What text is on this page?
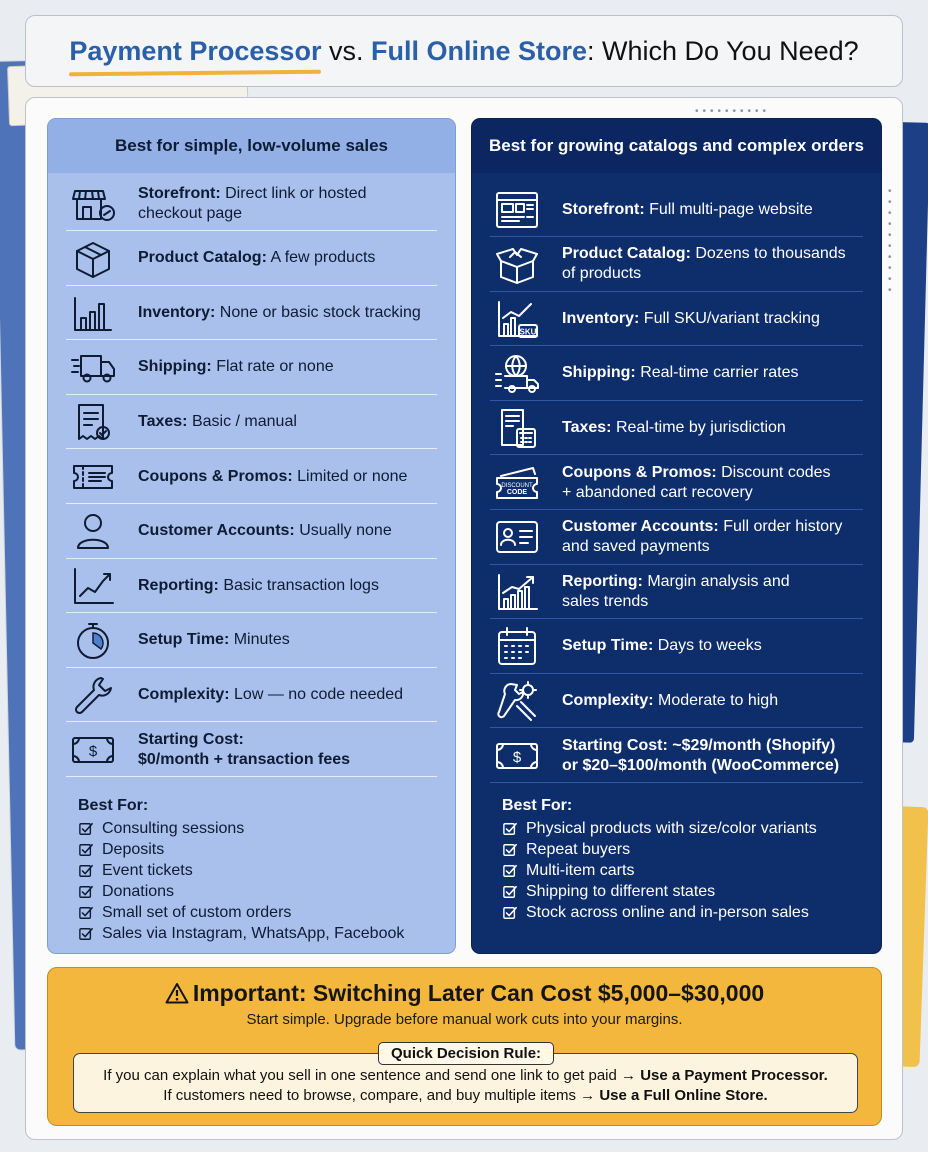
Payment Processor vs. Full Online Store : Which Do You Need?
••••••••••
•
•
•
•
•
•
•
•
•
•
Best for simple, low-volume sales
Storefront: Direct link or hosted
checkout page
Product Catalog: A few products
Inventory: None or basic stock tracking
Shipping: Flat rate or none
Taxes: Basic / manual
Coupons & Promos: Limited or none
Customer Accounts: Usually none
Reporting: Basic transaction logs
Setup Time: Minutes
Complexity: Low — no code needed
$
Starting Cost:
$0/month + transaction fees
Best For:
Consulting sessions
Deposits
Event tickets
Donations
Small set of custom orders
Sales via Instagram, WhatsApp, Facebook
Best for growing catalogs and complex orders
Storefront: Full multi-page website
Product Catalog: Dozens to thousands
of products
SKU
Inventory: Full SKU/variant tracking
Shipping: Real-time carrier rates
Taxes: Real-time by jurisdiction
DISCOUNT
CODE
Coupons & Promos: Discount codes
+ abandoned cart recovery
Customer Accounts: Full order history
and saved payments
Reporting: Margin analysis and
sales trends
Setup Time: Days to weeks
Complexity: Moderate to high
$
Starting Cost: ~$29/month (Shopify)
or $20–$100/month (WooCommerce)
Best For:
Physical products with size/color variants
Repeat buyers
Multi-item carts
Shipping to different states
Stock across online and in-person sales
Important: Switching Later Can Cost $5,000–$30,000
Start simple. Upgrade before manual work cuts into your margins.
Quick Decision Rule:
If you can explain what you sell in one sentence and send one link to get paid → Use a Payment Processor.
If customers need to browse, compare, and buy multiple items → Use a Full Online Store.
